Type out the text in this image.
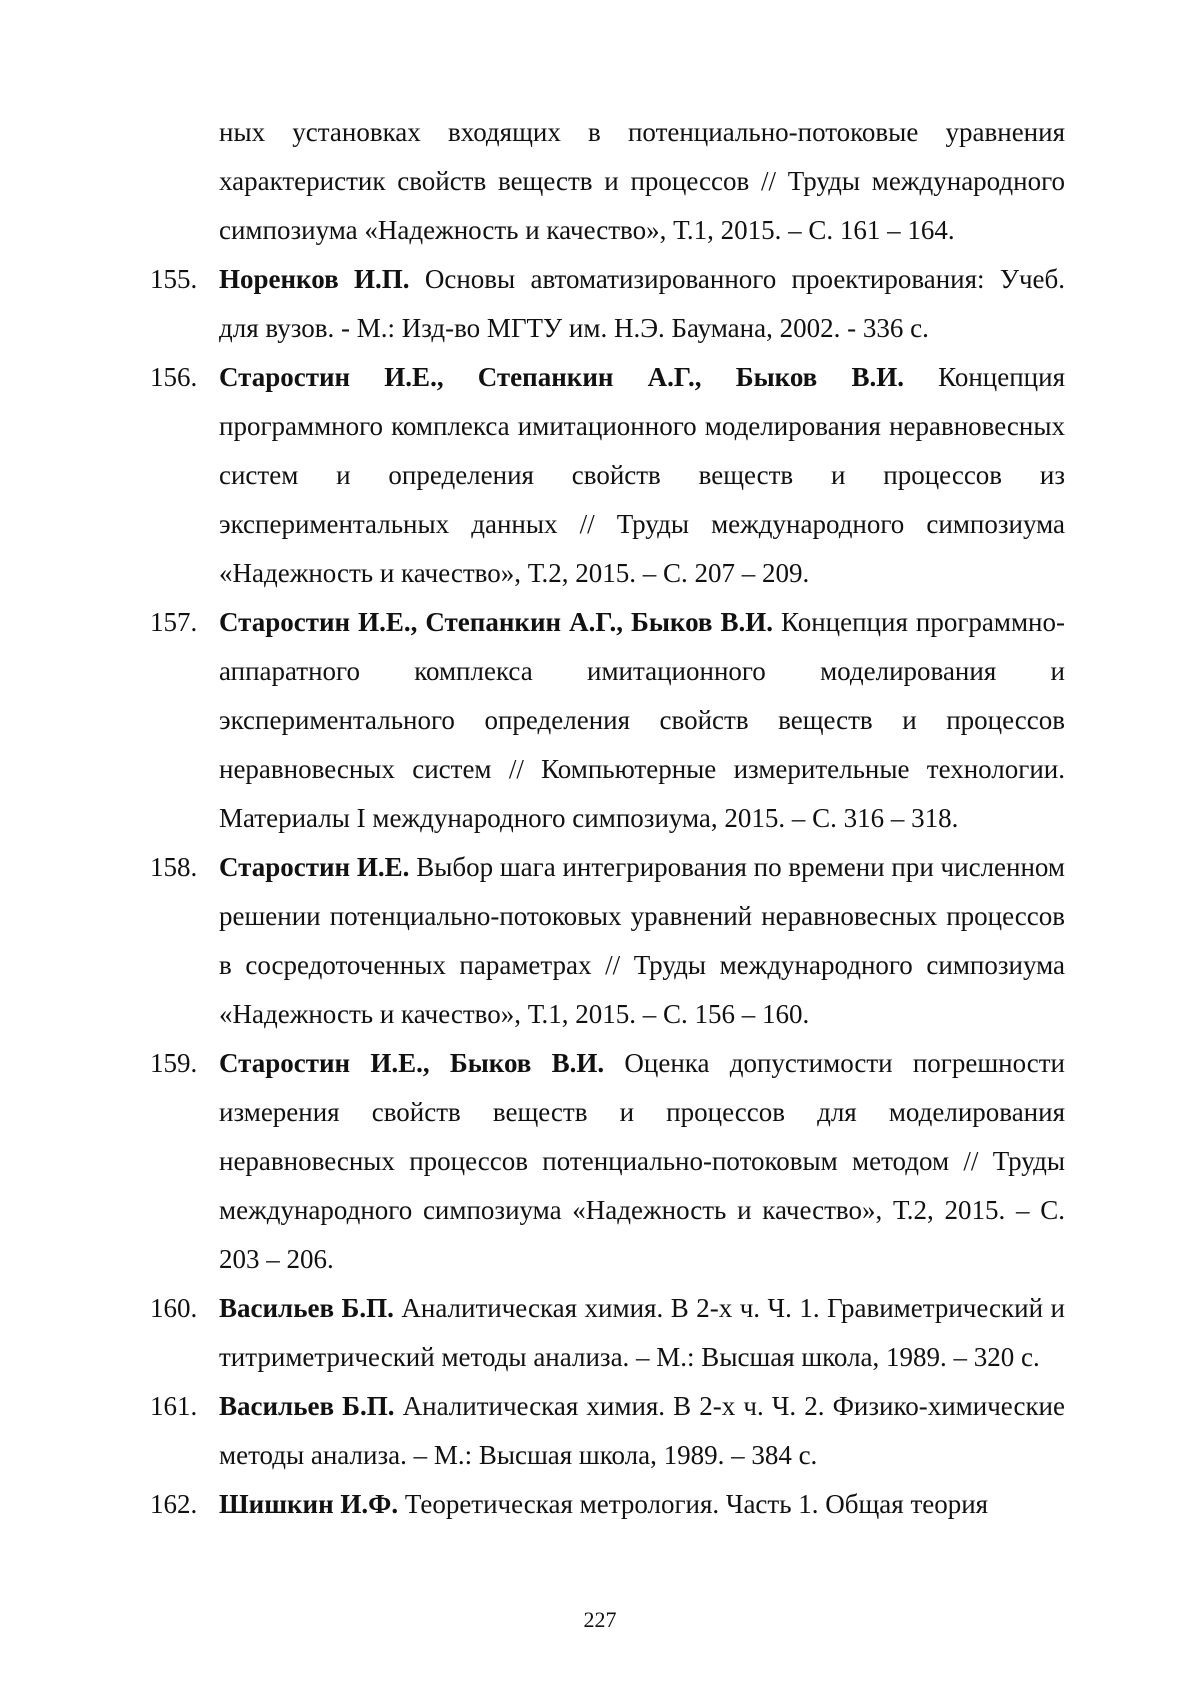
ных установках входящих в потенциально-потоковые уравнения характеристик свойств веществ и процессов // Труды международного симпозиума «Надежность и качество», Т.1, 2015. – С. 161 – 164.

155. Норенков И.П. Основы автоматизированного проектирования: Учеб. для вузов. - М.: Изд-во МГТУ им. Н.Э. Баумана, 2002. - 336 с.

156. Старостин И.Е., Степанкин А.Г., Быков В.И. Концепция программного комплекса имитационного моделирования неравновесных систем и определения свойств веществ и процессов из экспериментальных данных // Труды международного симпозиума «Надежность и качество», Т.2, 2015. – С. 207 – 209.

157. Старостин И.Е., Степанкин А.Г., Быков В.И. Концепция программно-аппаратного комплекса имитационного моделирования и экспериментального определения свойств веществ и процессов неравновесных систем // Компьютерные измерительные технологии. Материалы I международного симпозиума, 2015. – С. 316 – 318.

158. Старостин И.Е. Выбор шага интегрирования по времени при численном решении потенциально-потоковых уравнений неравновесных процессов в сосредоточенных параметрах // Труды международного симпозиума «Надежность и качество», Т.1, 2015. – С. 156 – 160.

159. Старостин И.Е., Быков В.И. Оценка допустимости погрешности измерения свойств веществ и процессов для моделирования неравновесных процессов потенциально-потоковым методом // Труды международного симпозиума «Надежность и качество», Т.2, 2015. – С. 203 – 206.

160. Васильев Б.П. Аналитическая химия. В 2-х ч. Ч. 1. Гравиметрический и титриметрический методы анализа. – М.: Высшая школа, 1989. – 320 с.

161. Васильев Б.П. Аналитическая химия. В 2-х ч. Ч. 2. Физико-химические методы анализа. – М.: Высшая школа, 1989. – 384 с.

162. Шишкин И.Ф. Теоретическая метрология. Часть 1. Общая теория

227
